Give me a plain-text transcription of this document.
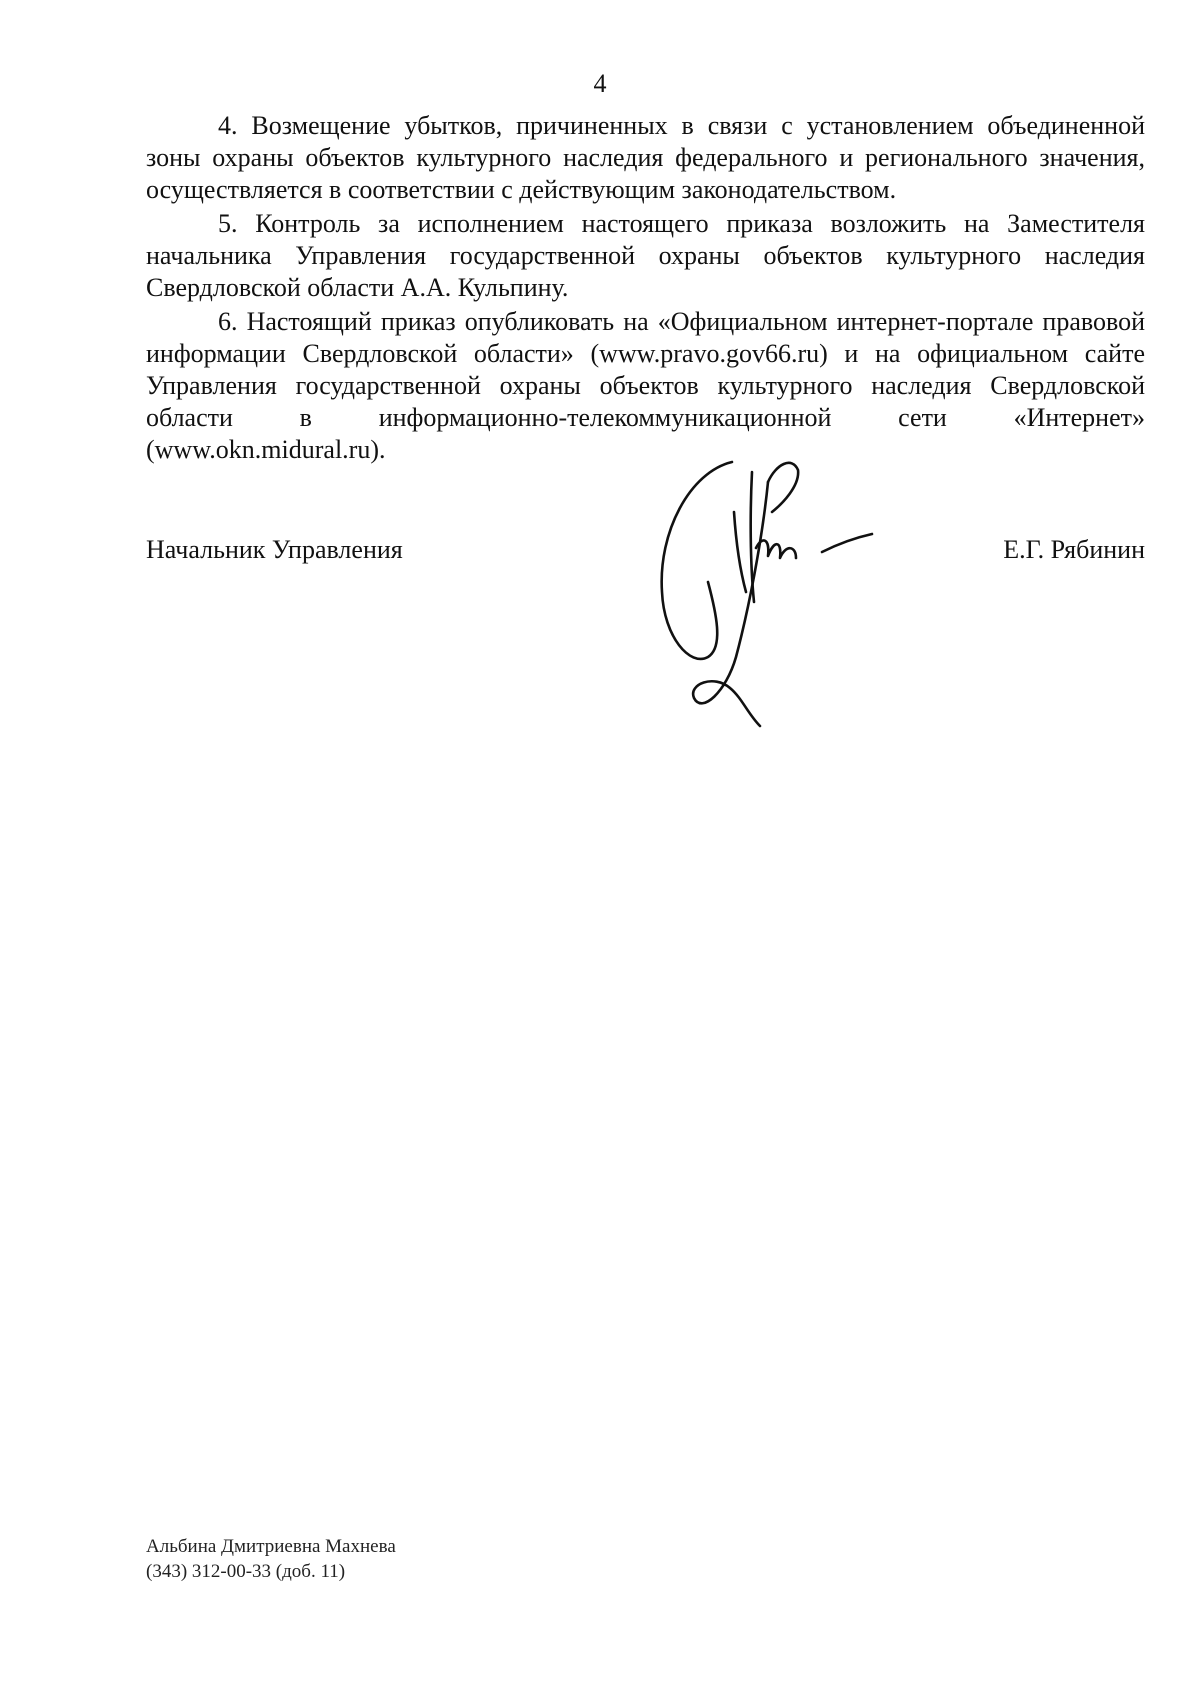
4

4. Возмещение убытков, причиненных в связи с установлением объединенной зоны охраны объектов культурного наследия федерального и регионального значения, осуществляется в соответствии с действующим законодательством.

5. Контроль за исполнением настоящего приказа возложить на Заместителя начальника Управления государственной охраны объектов культурного наследия Свердловской области А.А. Кульпину.

6. Настоящий приказ опубликовать на «Официальном интернет-портале правовой информации Свердловской области» (www.pravo.gov66.ru) и на официальном сайте Управления государственной охраны объектов культурного наследия Свердловской области в информационно-телекоммуникационной сети «Интернет» (www.okn.midural.ru).

Начальник Управления	Е.Г. Рябинин
Альбина Дмитриевна Махнева
(343) 312-00-33 (доб. 11)
